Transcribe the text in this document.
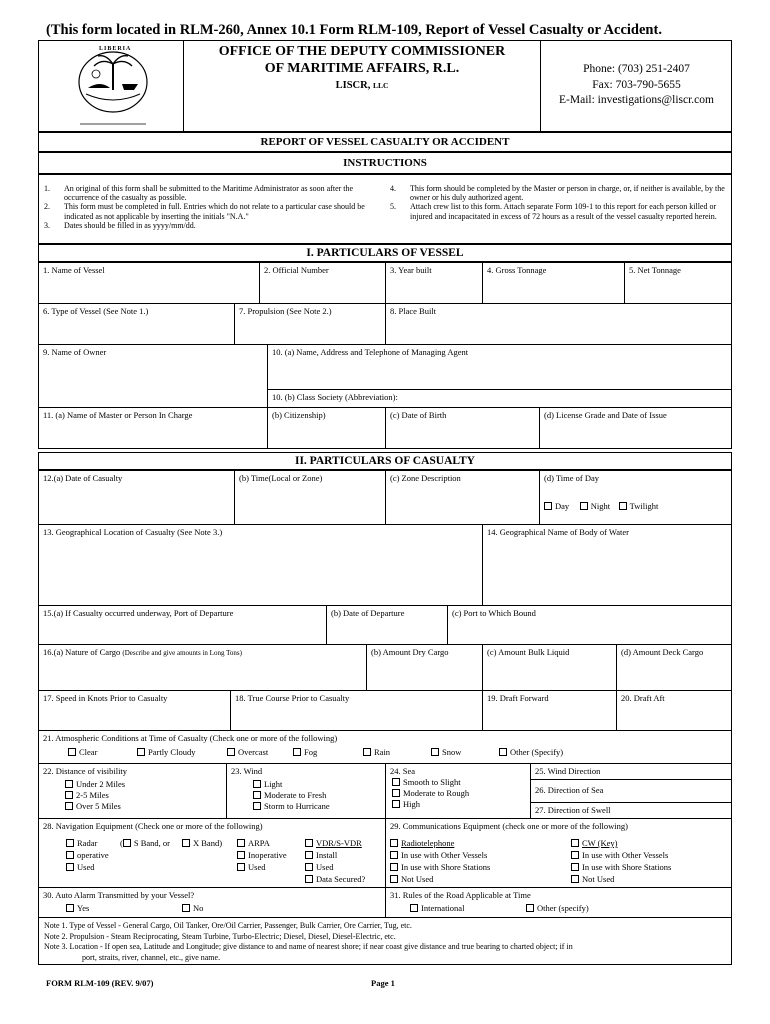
(This form located in RLM-260, Annex 10.1 Form RLM-109, Report of Vessel Casualty or Accident.
LIBERIA	OFFICE OF THE DEPUTY COMMISSIONER
OF MARITIME AFFAIRS, R.L.
LISCR, LLC
Phone: (703) 251-2407
Fax: 703-790-5655
E-Mail: investigations@liscr.com
REPORT OF VESSEL CASUALTY OR ACCIDENT
INSTRUCTIONS
1.	An original of this form shall be submitted to the Maritime Administrator as soon after the occurrence of the casualty as possible.
2.	This form must be completed in full. Entries which do not relate to a particular case should be indicated as not applicable by inserting the initials "N.A."
3.	Dates should be filled in as yyyy/mm/dd.
4.	This form should be completed by the Master or person in charge, or, if neither is available, by the owner or his duly authorized agent.
5.	Attach crew list to this form. Attach separate Form 109-1 to this report for each person killed or injured and incapacitated in excess of 72 hours as a result of the vessel casualty reported herein.
I. PARTICULARS OF VESSEL
1. Name of Vessel	2. Official Number	3. Year built	4. Gross Tonnage	5. Net Tonnage
6. Type of Vessel (See Note 1.)	7. Propulsion (See Note 2.)	8. Place Built
9. Name of Owner	10. (a) Name, Address and Telephone of Managing Agent
10. (b) Class Society (Abbreviation):
11. (a) Name of Master or Person In Charge	(b) Citizenship)	(c) Date of Birth	(d) License Grade and Date of Issue
II. PARTICULARS OF CASUALTY
12.(a) Date of Casualty	(b) Time(Local or Zone)	(c) Zone Description	(d) Time of Day
Day	Night Twilight
13. Geographical Location of Casualty (See Note 3.)	14. Geographical Name of Body of Water
15.(a) If Casualty occurred underway, Port of Departure	(b) Date of Departure	(c) Port to Which Bound
16.(a) Nature of Cargo (Describe and give amounts in Long Tons)	(b) Amount Dry Cargo	(c) Amount Bulk Liquid	(d) Amount Deck Cargo
17. Speed in Knots Prior to Casualty	18. True Course Prior to Casualty	19. Draft Forward	20. Draft Aft
21. Atmospheric Conditions at Time of Casualty (Check one or more of the following)
Clear	Partly Cloudy	Overcast	Fog	Rain	Snow	Other (Specify)
22. Distance of visibility
Under 2 Miles
2-5 Miles
Over 5 Miles
23. Wind
Light
Moderate to Fresh
Storm to Hurricane
24. Sea
Smooth to Slight
Moderate to Rough
High
25. Wind Direction
26. Direction of Sea
27. Direction of Swell
28. Navigation Equipment (Check one or more of the following)
Radar	( S Band, or	X Band)
operative
Used
ARPA
Inoperative
Used
VDR/S-VDR
Install
Used
Data Secured?
29. Communications Equipment (check one or more of the following)
Radiotelephone
In use with Other Vessels
In use with Shore Stations
Not Used
CW (Key)
In use with Other Vessels
In use with Shore Stations
Not Used
30. Auto Alarm Transmitted by your Vessel?
Yes	No
31. Rules of the Road Applicable at Time
International	Other (specify)
Note 1. Type of Vessel - General Cargo, Oil Tanker, Ore/Oil Carrier, Passenger, Bulk Carrier, Ore Carrier, Tug, etc.
Note 2. Propulsion - Steam Reciprocating, Steam Turbine, Turbo-Electric; Diesel, Diesel, Diesel-Electric, etc.
Note 3. Location - If open sea, Latitude and Longitude; give distance to and name of nearest shore; if near coast give distance and true bearing to charted object; if in
port, straits, river, channel, etc., give name.
FORM RLM-109 (REV. 9/07)	Page 1
